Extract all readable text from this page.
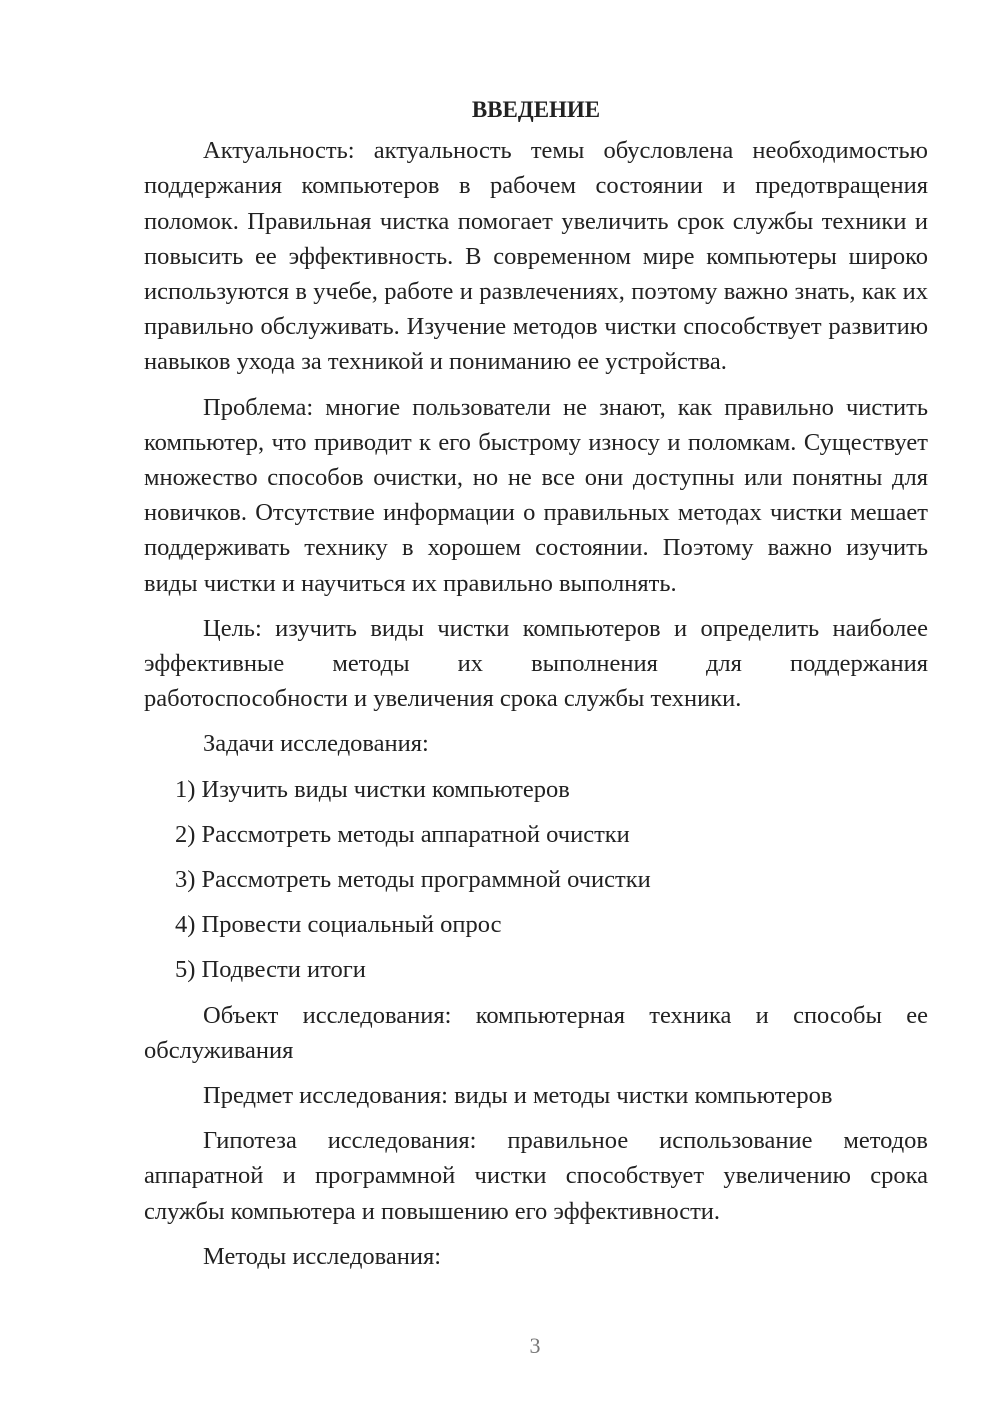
ВВЕДЕНИЕ

Актуальность: актуальность темы обусловлена необходимостью поддержания компьютеров в рабочем состоянии и предотвращения поломок. Правильная чистка помогает увеличить срок службы техники и повысить ее эффективность. В современном мире компьютеры широко используются в учебе, работе и развлечениях, поэтому важно знать, как их правильно обслуживать. Изучение методов чистки способствует развитию навыков ухода за техникой и пониманию ее устройства.

Проблема: многие пользователи не знают, как правильно чистить компьютер, что приводит к его быстрому износу и поломкам. Существует множество способов очистки, но не все они доступны или понятны для новичков. Отсутствие информации о правильных методах чистки мешает поддерживать технику в хорошем состоянии. Поэтому важно изучить виды чистки и научиться их правильно выполнять.

Цель: изучить виды чистки компьютеров и определить наиболее эффективные методы их выполнения для поддержания работоспособности и увеличения срока службы техники.

Задачи исследования:

1) Изучить виды чистки компьютеров

2) Рассмотреть методы аппаратной очистки

3) Рассмотреть методы программной очистки

4) Провести социальный опрос

5) Подвести итоги

Объект исследования: компьютерная техника и способы ее обслуживания

Предмет исследования: виды и методы чистки компьютеров

Гипотеза исследования: правильное использование методов аппаратной и программной чистки способствует увеличению срока службы компьютера и повышению его эффективности.

Методы исследования:

3
